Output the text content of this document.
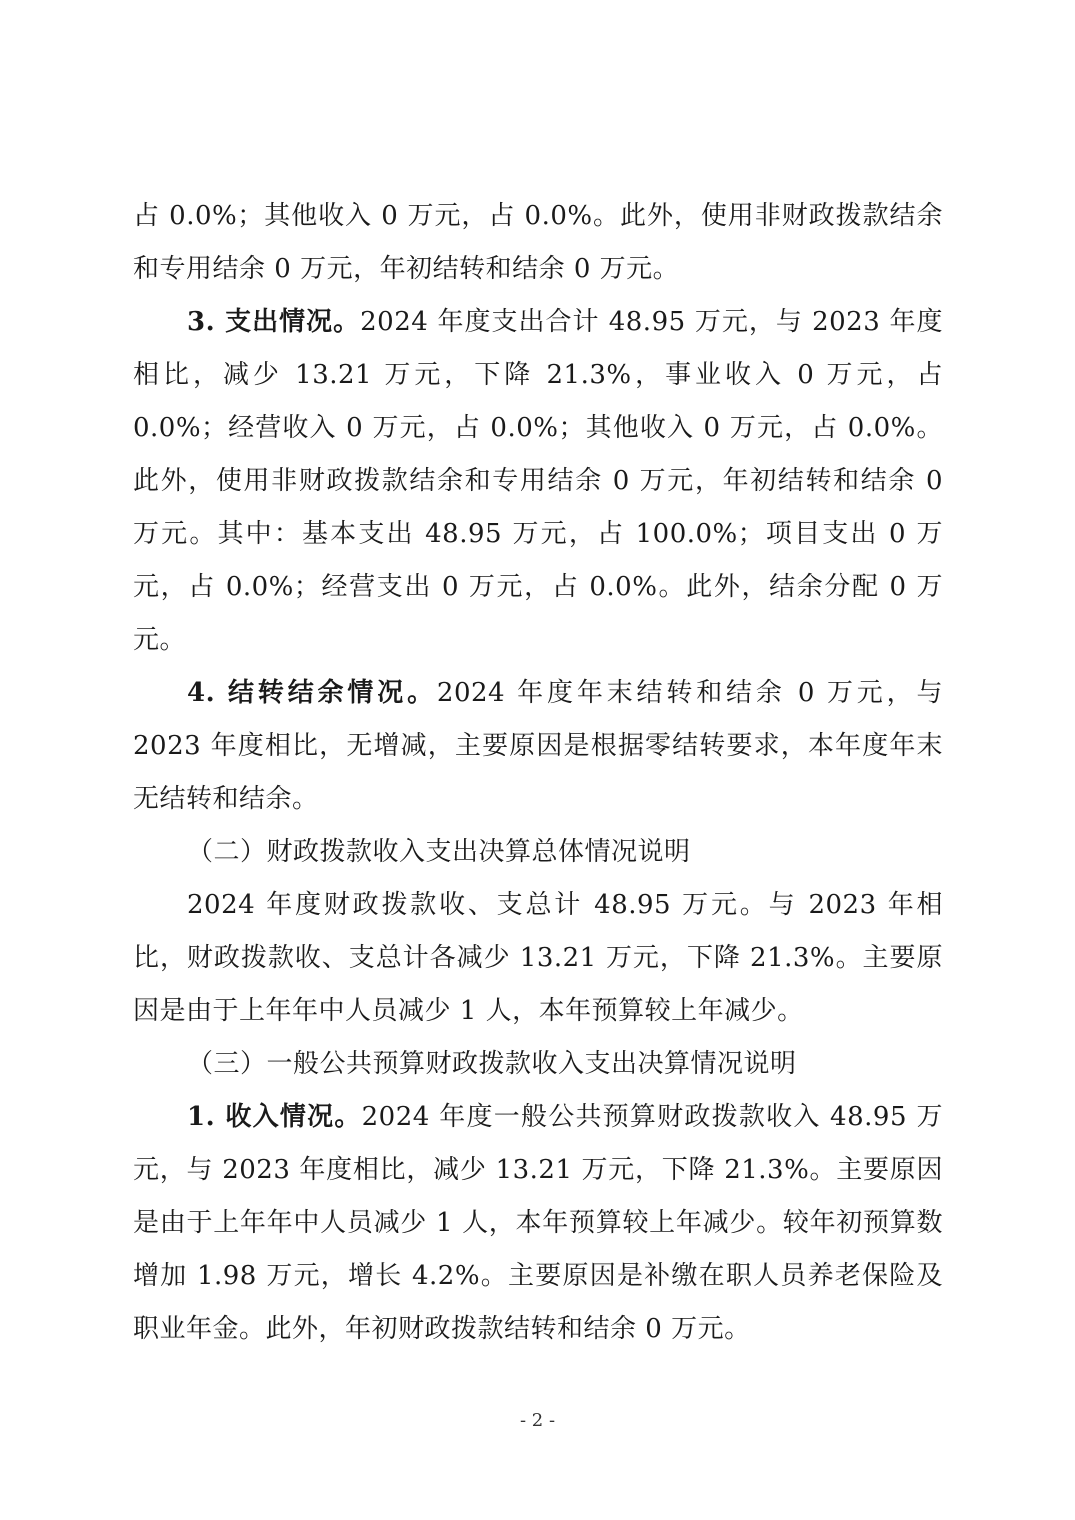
占 0.0%；其他收入 0 万元，占 0.0%。此外，使用非财政拨款结余和专用结余 0 万元，年初结转和结余 0 万元。

3. 支出情况。2024 年度支出合计 48.95 万元，与 2023 年度相比，减少 13.21 万元，下降 21.3%，事业收入 0 万元，占 0.0%；经营收入 0 万元，占 0.0%；其他收入 0 万元，占 0.0%。此外，使用非财政拨款结余和专用结余 0 万元，年初结转和结余 0 万元。其中：基本支出 48.95 万元，占 100.0%；项目支出 0 万元，占 0.0%；经营支出 0 万元，占 0.0%。此外，结余分配 0 万元。

4. 结转结余情况。2024 年度年末结转和结余 0 万元，与 2023 年度相比，无增减，主要原因是根据零结转要求，本年度年末无结转和结余。

（二）财政拨款收入支出决算总体情况说明

2024 年度财政拨款收、支总计 48.95 万元。与 2023 年相比，财政拨款收、支总计各减少 13.21 万元，下降 21.3%。主要原因是由于上年年中人员减少 1 人，本年预算较上年减少。

（三）一般公共预算财政拨款收入支出决算情况说明

1. 收入情况。2024 年度一般公共预算财政拨款收入 48.95 万元，与 2023 年度相比，减少 13.21 万元，下降 21.3%。主要原因是由于上年年中人员减少 1 人，本年预算较上年减少。较年初预算数增加 1.98 万元，增长 4.2%。主要原因是补缴在职人员养老保险及职业年金。此外，年初财政拨款结转和结余 0 万元。

- 2 -
